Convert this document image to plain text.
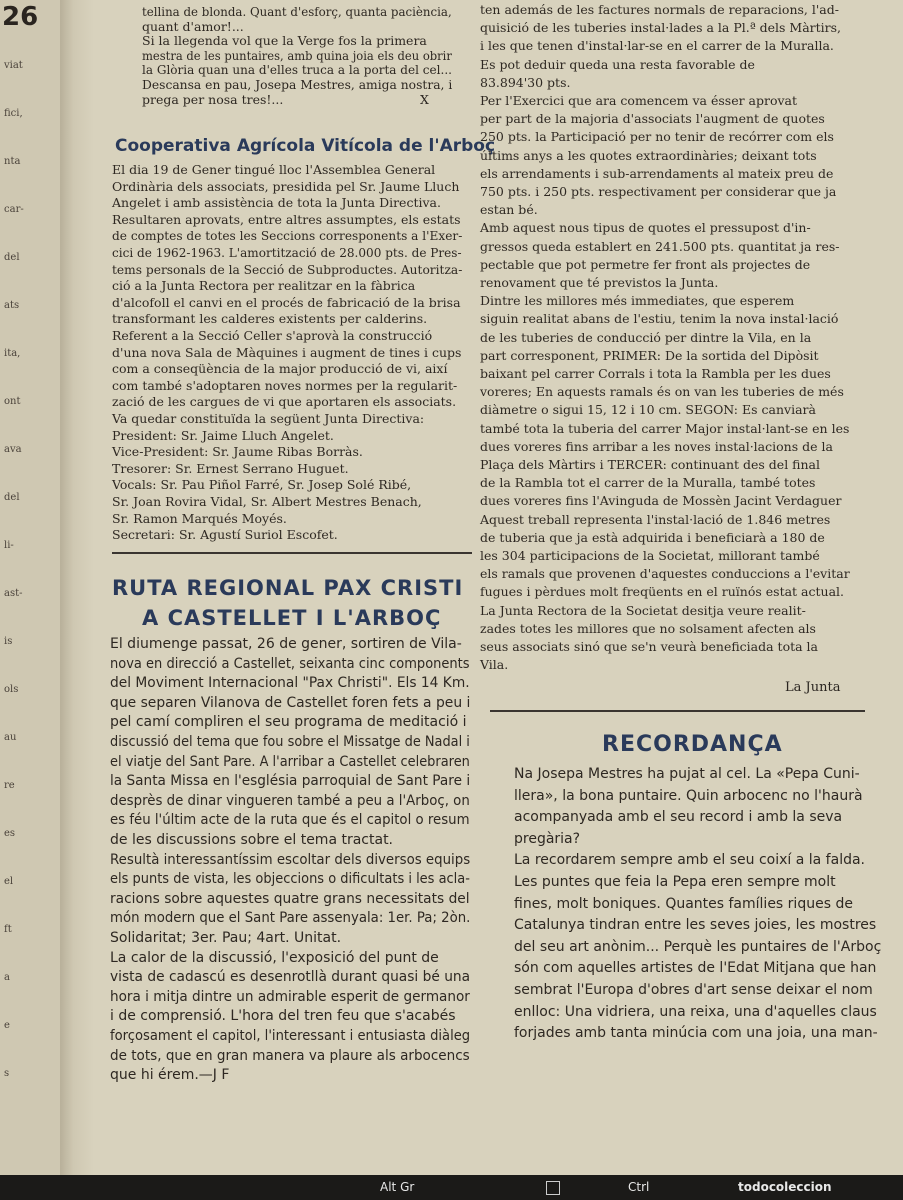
26
viat
fici,
nta
car-
del
ats
ita,
ont
ava
del
li-
ast-
is
ols
au
re
es
el
ft
a
e
s
tellina de blonda. Quant d'esforç, quanta paciència,
quant d'amor!...
Si la llegenda vol que la Verge fos la primera
mestra de les puntaires, amb quina joia els deu obrir
la Glòria quan una d'elles truca a la porta del cel...
Descansa en pau, Josepa Mestres, amiga nostra, i
prega per nosa tres!...	X
Cooperativa Agrícola Vitícola de l'Arboç
El dia 19 de Gener tingué lloc l'Assemblea General
Ordinària dels associats, presidida pel Sr. Jaume Lluch
Angelet i amb assistència de tota la Junta Directiva.
Resultaren aprovats, entre altres assumptes, els estats
de comptes de totes les Seccions corresponents a l'Exer-
cici de 1962-1963. L'amortització de 28.000 pts. de Pres-
tems personals de la Secció de Subproductes. Autoritza-
ció a la Junta Rectora per realitzar en la fàbrica
d'alcofoll el canvi en el procés de fabricació de la brisa
transformant les calderes existents per calderins.
Referent a la Secció Celler s'aprovà la construcció
d'una nova Sala de Màquines i augment de tines i cups
com a conseqüència de la major producció de vi, així
com també s'adoptaren noves normes per la regularit-
zació de les cargues de vi que aportaren els associats.
Va quedar constituïda la següent Junta Directiva:
President: Sr. Jaime Lluch Angelet.
Vice-President: Sr. Jaume Ribas Borràs.
Tresorer: Sr. Ernest Serrano Huguet.
Vocals: Sr. Pau Piñol Farré, Sr. Josep Solé Ribé,
Sr. Joan Rovira Vidal, Sr. Albert Mestres Benach,
Sr. Ramon Marqués Moyés.
Secretari: Sr. Agustí Suriol Escofet.
RUTA REGIONAL PAX CRISTI
A CASTELLET I L'ARBOÇ
El diumenge passat, 26 de gener, sortiren de Vila-
nova en direcció a Castellet, seixanta cinc components
del Moviment Internacional "Pax Christi". Els 14 Km.
que separen Vilanova de Castellet foren fets a peu i
pel camí compliren el seu programa de meditació i
discussió del tema que fou sobre el Missatge de Nadal i
el viatje del Sant Pare. A l'arribar a Castellet celebraren
la Santa Missa en l'església parroquial de Sant Pare i
desprès de dinar vingueren també a peu a l'Arboç, on
es féu l'últim acte de la ruta que és el capitol o resum
de les discussions sobre el tema tractat.
Resultà interessantíssim escoltar dels diversos equips
els punts de vista, les objeccions o dificultats i les acla-
racions sobre aquestes quatre grans necessitats del
món modern que el Sant Pare assenyala: 1er. Pa; 2òn.
Solidaritat; 3er. Pau; 4art. Unitat.
La calor de la discussió, l'exposició del punt de
vista de cadascú es desenrotllà durant quasi bé una
hora i mitja dintre un admirable esperit de germanor
i de comprensió. L'hora del tren feu que s'acabés
forçosament el capitol, l'interessant i entusiasta diàleg
de tots, que en gran manera va plaure als arbocencs
que hi érem.—J F
ten además de les factures normals de reparacions, l'ad-
quisició de les tuberies instal·lades a la Pl.ª dels Màrtirs,
i les que tenen d'instal·lar-se en el carrer de la Muralla.
Es pot deduir queda una resta favorable de
83.894'30 pts.
Per l'Exercici que ara comencem va ésser aprovat
per part de la majoria d'associats l'augment de quotes
250 pts. la Participació per no tenir de recórrer com els
últims anys a les quotes extraordinàries; deixant tots
els arrendaments i sub-arrendaments al mateix preu de
750 pts. i 250 pts. respectivament per considerar que ja
estan bé.
Amb aquest nous tipus de quotes el pressupost d'in-
gressos queda establert en 241.500 pts. quantitat ja res-
pectable que pot permetre fer front als projectes de
renovament que té previstos la Junta.
Dintre les millores més immediates, que esperem
siguin realitat abans de l'estiu, tenim la nova instal·lació
de les tuberies de conducció per dintre la Vila, en la
part corresponent, PRIMER: De la sortida del Dipòsit
baixant pel carrer Corrals i tota la Rambla per les dues
voreres; En aquests ramals és on van les tuberies de més
diàmetre o sigui 15, 12 i 10 cm. SEGON: Es canviarà
també tota la tuberia del carrer Major instal·lant-se en les
dues voreres fins arribar a les noves instal·lacions de la
Plaça dels Màrtirs i TERCER: continuant des del final
de la Rambla tot el carrer de la Muralla, també totes
dues voreres fins l'Avinguda de Mossèn Jacint Verdaguer
Aquest treball representa l'instal·lació de 1.846 metres
de tuberia que ja està adquirida i beneficiarà a 180 de
les 304 participacions de la Societat, millorant també
els ramals que provenen d'aquestes conduccions a l'evitar
fugues i pèrdues molt freqüents en el ruïnós estat actual.
La Junta Rectora de la Societat desitja veure realit-
zades totes les millores que no solsament afecten als
seus associats sinó que se'n veurà beneficiada tota la
Vila.
La Junta
RECORDANÇA
Na Josepa Mestres ha pujat al cel. La «Pepa Cuni-
llera», la bona puntaire. Quin arbocenc no l'haurà
acompanyada amb el seu record i amb la seva
pregària?
La recordarem sempre amb el seu coixí a la falda.
Les puntes que feia la Pepa eren sempre molt
fines, molt boniques. Quantes famílies riques de
Catalunya tindran entre les seves joies, les mostres
del seu art anònim... Perquè les puntaires de l'Arboç
són com aquelles artistes de l'Edat Mitjana que han
sembrat l'Europa d'obres d'art sense deixar el nom
enlloc: Una vidriera, una reixa, una d'aquelles claus
forjades amb tanta minúcia com una joia, una man-
Alt Gr	Ctrl	todocoleccion
